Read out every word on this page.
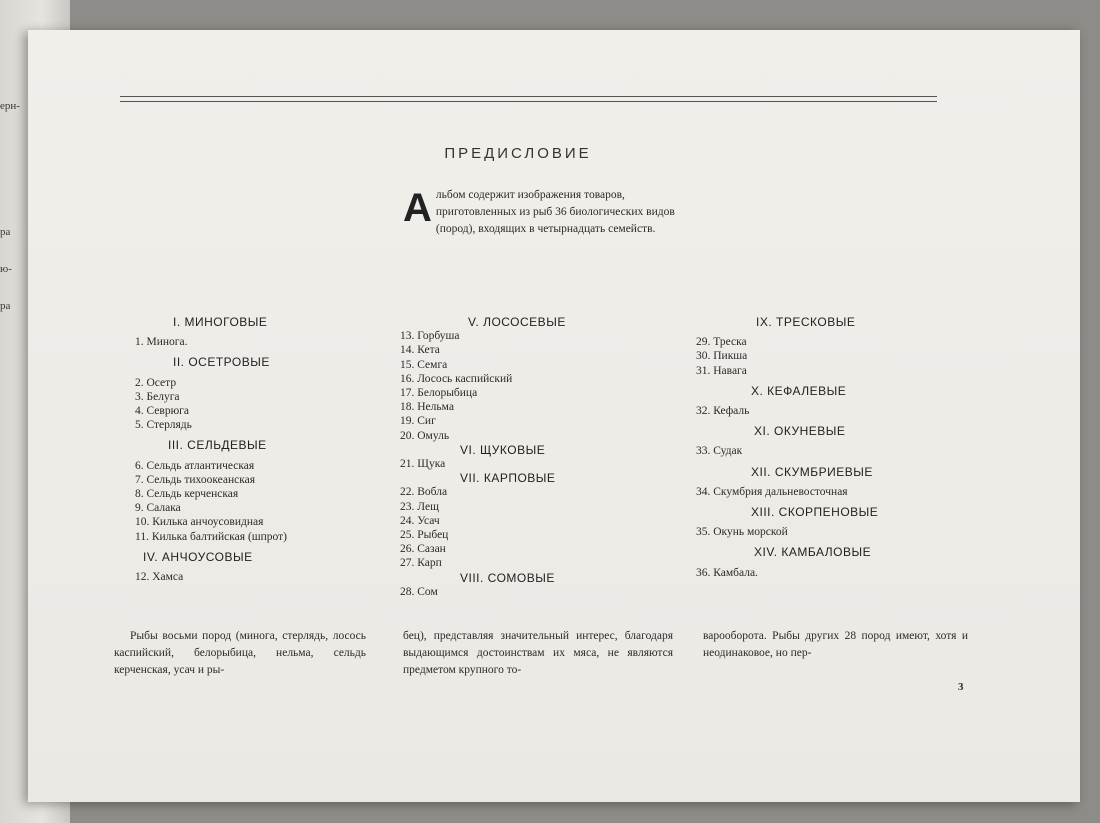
ерн-
ра
ю-
ра
ПРЕДИСЛОВИЕ
А льбом содержит изображения товаров, приготовленных из рыб 36 биологических видов (пород), входящих в четырнадцать семейств.
I. МИНОГОВЫЕ
1. Минога.
II. ОСЕТРОВЫЕ
2. Осетр
3. Белуга
4. Севрюга
5. Стерлядь
III. СЕЛЬДЕВЫЕ
6. Сельдь атлантическая
7. Сельдь тихоокеанская
8. Сельдь керченская
9. Салака
10. Килька анчоусовидная
11. Килька балтийская (шпрот)
IV. АНЧОУСОВЫЕ
12. Хамса
V. ЛОСОСЕВЫЕ
13. Горбуша
14. Кета
15. Семга
16. Лосось каспийский
17. Белорыбица
18. Нельма
19. Сиг
20. Омуль
VI. ЩУКОВЫЕ
21. Щука
VII. КАРПОВЫЕ
22. Вобла
23. Лещ
24. Усач
25. Рыбец
26. Сазан
27. Карп
VIII. СОМОВЫЕ
28. Сом
IX. ТРЕСКОВЫЕ
29. Треска
30. Пикша
31. Навага
X. КЕФАЛЕВЫЕ
32. Кефаль
XI. ОКУНЕВЫЕ
33. Судак
XII. СКУМБРИЕВЫЕ
34. Скумбрия дальневосточная
XIII. СКОРПЕНОВЫЕ
35. Окунь морской
XIV. КАМБАЛОВЫЕ
36. Камбала.
Рыбы восьми пород (минога, стерлядь, лосось каспийский, белорыбица, нельма, сельдь керченская, усач и ры-
бец), представляя значительный интерес, благодаря выдающимся достоинствам их мяса, не являются предметом крупного то-
варооборота. Рыбы других 28 пород имеют, хотя и неодинаковое, но пер-
3
